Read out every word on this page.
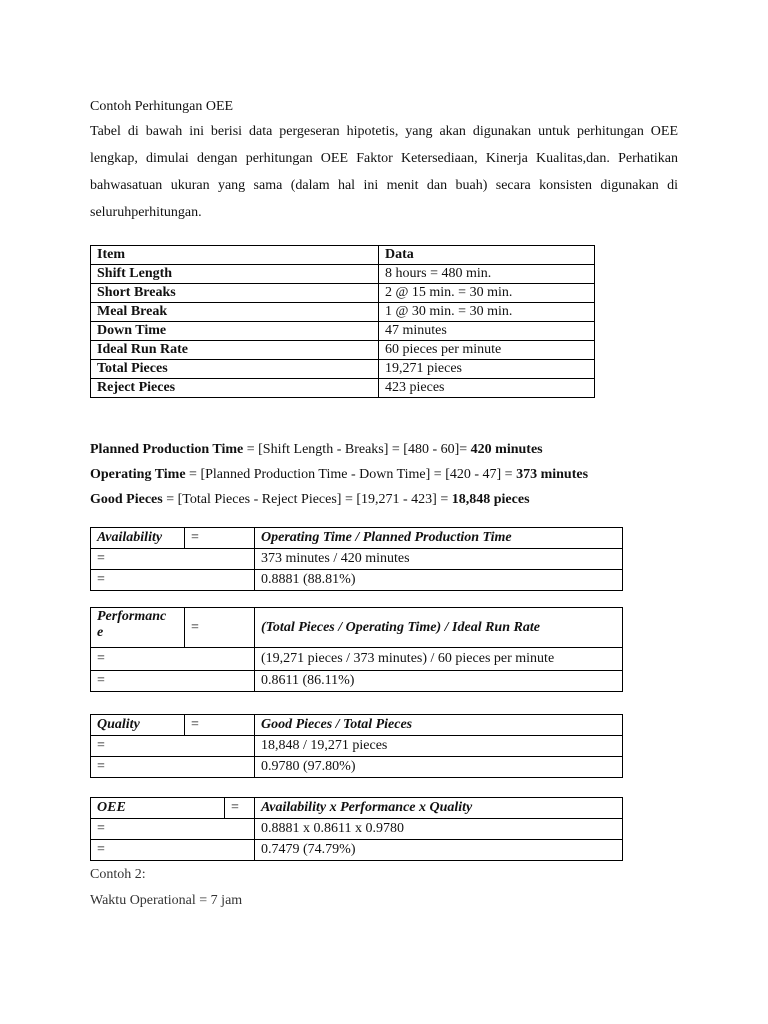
Contoh Perhitungan OEE

Tabel di bawah ini berisi data pergeseran hipotetis, yang akan digunakan untuk perhitungan OEE lengkap, dimulai dengan perhitungan OEE Faktor Ketersediaan, Kinerja Kualitas,dan. Perhatikan bahwasatuan ukuran yang sama (dalam hal ini menit dan buah) secara konsisten digunakan di seluruhperhitungan.

Item	Data
Shift Length	8 hours = 480 min.
Short Breaks	2 @ 15 min. = 30 min.
Meal Break	1 @ 30 min. = 30 min.
Down Time	47 minutes
Ideal Run Rate	60 pieces per minute
Total Pieces	19,271 pieces
Reject Pieces	423 pieces

Planned Production Time = [Shift Length - Breaks] = [480 - 60]= 420 minutes

Operating Time = [Planned Production Time - Down Time] = [420 - 47] = 373 minutes

Good Pieces = [Total Pieces - Reject Pieces] = [19,271 - 423] = 18,848 pieces

Availability	=	Operating Time / Planned Production Time
=		373 minutes / 420 minutes
=		0.8881 (88.81%)
Performanc
e	=	(Total Pieces / Operating Time) / Ideal Run Rate
=		(19,271 pieces / 373 minutes) / 60 pieces per minute
=		0.8611 (86.11%)
Quality	=	Good Pieces / Total Pieces
=		18,848 / 19,271 pieces
=		0.9780 (97.80%)
OEE	=	Availability x Performance x Quality
=		0.8881 x 0.8611 x 0.9780
=		0.7479 (74.79%)

Contoh 2:

Waktu Operational = 7 jam
